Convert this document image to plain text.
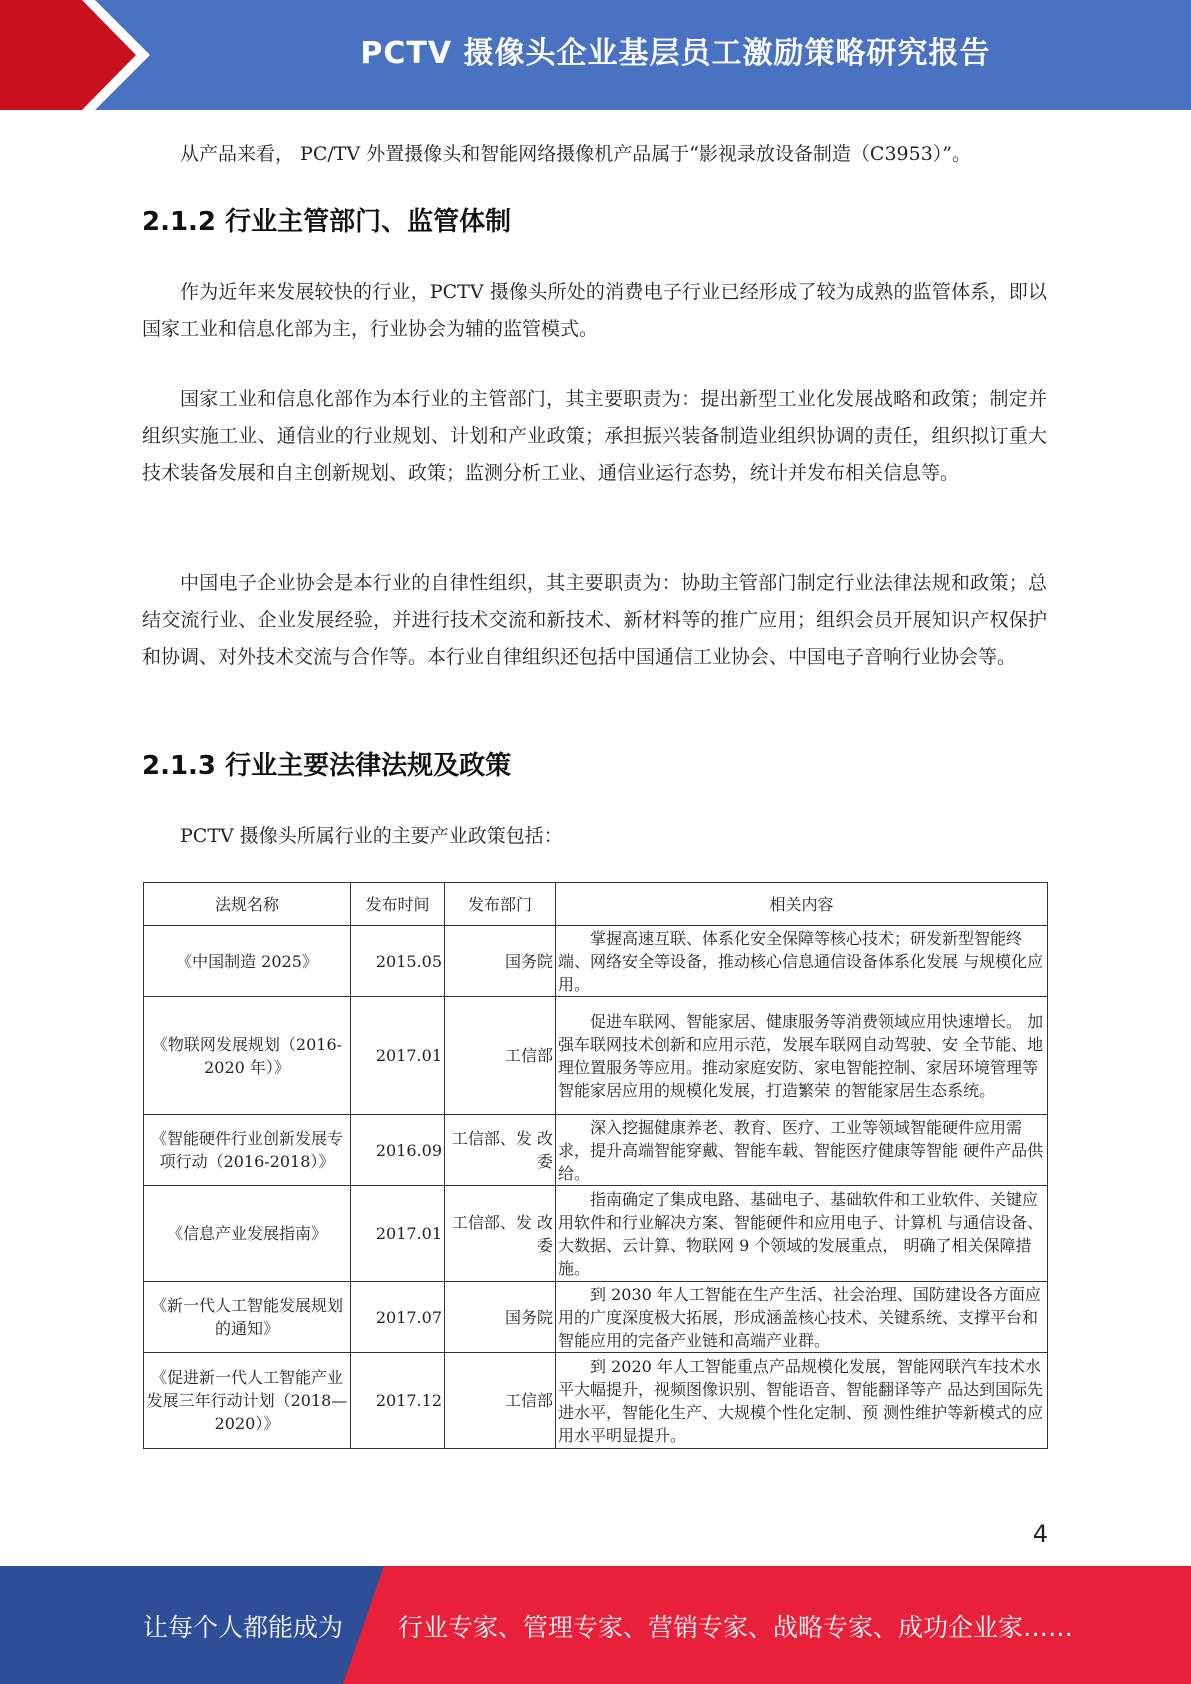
PCTV 摄像头企业基层员工激励策略研究报告

从产品来看， PC/TV 外置摄像头和智能网络摄像机产品属于“影视录放设备制造（C3953）”。

2.1.2 行业主管部门、监管体制

作为近年来发展较快的行业，PCTV 摄像头所处的消费电子行业已经形成了较为成熟的监管体系，即以国家工业和信息化部为主，行业协会为辅的监管模式。

国家工业和信息化部作为本行业的主管部门，其主要职责为：提出新型工业化发展战略和政策；制定并组织实施工业、通信业的行业规划、计划和产业政策；承担振兴装备制造业组织协调的责任，组织拟订重大技术装备发展和自主创新规划、政策；监测分析工业、通信业运行态势，统计并发布相关信息等。

中国电子企业协会是本行业的自律性组织，其主要职责为：协助主管部门制定行业法律法规和政策；总结交流行业、企业发展经验，并进行技术交流和新技术、新材料等的推广应用；组织会员开展知识产权保护和协调、对外技术交流与合作等。本行业自律组织还包括中国通信工业协会、中国电子音响行业协会等。

2.1.3 行业主要法律法规及政策

PCTV 摄像头所属行业的主要产业政策包括：

法规名称	发布时间	发布部门	相关内容
《中国制造 2025》	2015.05	国务院	掌握高速互联、体系化安全保障等核心技术；研发新型智能终端、网络安全等设备，推动核心信息通信设备体系化发展 与规模化应用。
《物联网发展规划（2016-2020 年）》	2017.01	工信部	促进车联网、智能家居、健康服务等消费领域应用快速增长。 加强车联网技术创新和应用示范，发展车联网自动驾驶、安 全节能、地理位置服务等应用。推动家庭安防、家电智能控制、家居环境管理等智能家居应用的规模化发展，打造繁荣 的智能家居生态系统。
《智能硬件行业创新发展专项行动（2016-2018）》	2016.09	工信部、发 改委	深入挖掘健康养老、教育、医疗、工业等领域智能硬件应用需求，提升高端智能穿戴、智能车载、智能医疗健康等智能 硬件产品供给。
《信息产业发展指南》	2017.01	工信部、发 改委	指南确定了集成电路、基础电子、基础软件和工业软件、关键应用软件和行业解决方案、智能硬件和应用电子、计算机 与通信设备、大数据、云计算、物联网 9 个领域的发展重点， 明确了相关保障措施。
《新一代人工智能发展规划的通知》	2017.07	国务院	到 2030 年人工智能在生产生活、社会治理、国防建设各方面应用的广度深度极大拓展，形成涵盖核心技术、关键系统、支撑平台和智能应用的完备产业链和高端产业群。
《促进新一代人工智能产业发展三年行动计划（2018—2020）》	2017.12	工信部	到 2020 年人工智能重点产品规模化发展，智能网联汽车技术水平大幅提升，视频图像识别、智能语音、智能翻译等产 品达到国际先进水平，智能化生产、大规模个性化定制、预 测性维护等新模式的应用水平明显提升。
4
让每个人都能成为 行业专家、管理专家、营销专家、战略专家、成功企业家……
